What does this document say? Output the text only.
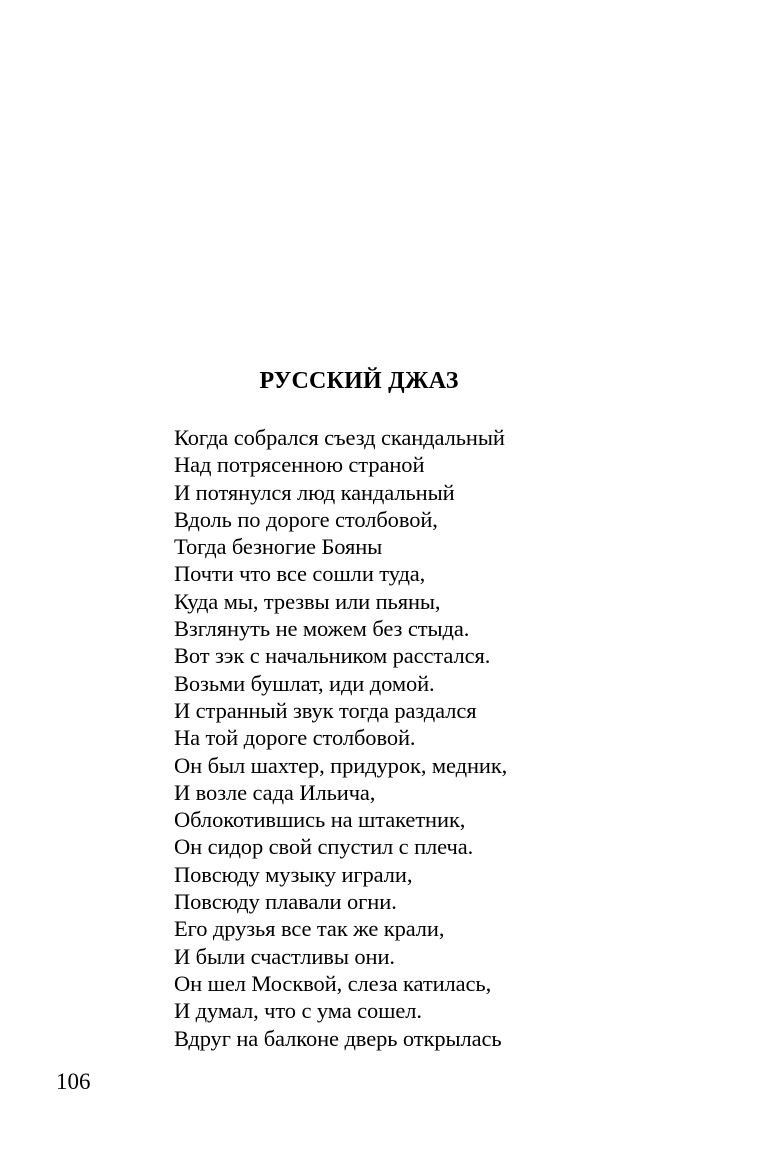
РУССКИЙ ДЖАЗ
Когда собрался съезд скандальный
Над потрясенною страной
И потянулся люд кандальный
Вдоль по дороге столбовой,
Тогда безногие Бояны
Почти что все сошли туда,
Куда мы, трезвы или пьяны,
Взглянуть не можем без стыда.
Вот зэк с начальником расстался.
Возьми бушлат, иди домой.
И странный звук тогда раздался
На той дороге столбовой.
Он был шахтер, придурок, медник,
И возле сада Ильича,
Облокотившись на штакетник,
Он сидор свой спустил с плеча.
Повсюду музыку играли,
Повсюду плавали огни.
Его друзья все так же крали,
И были счастливы они.
Он шел Москвой, слеза катилась,
И думал, что с ума сошел.
Вдруг на балконе дверь открылась
106
